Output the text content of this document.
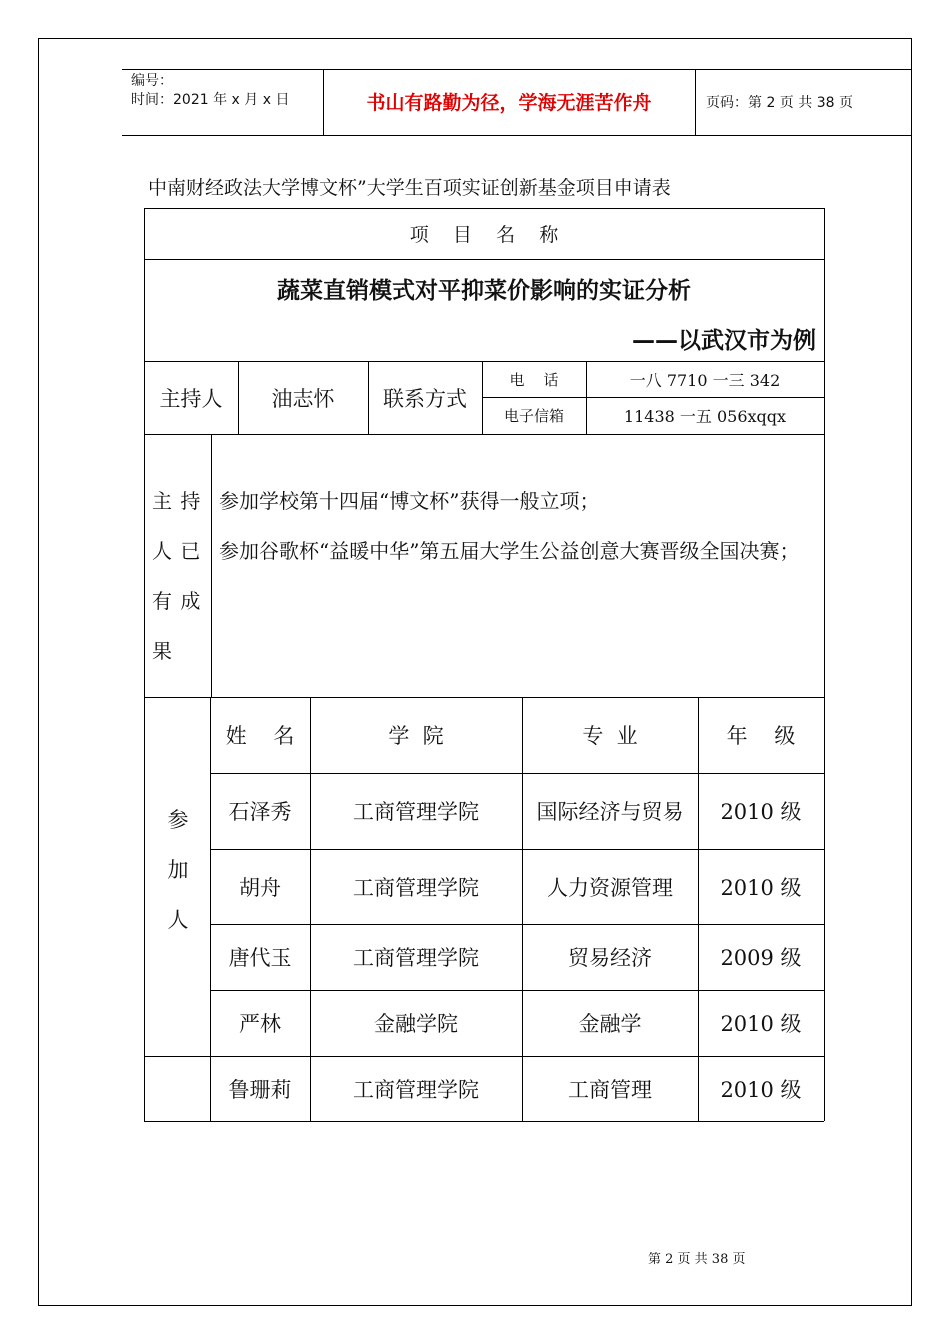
编号：
时间：2021 年 x 月 x 日	书山有路勤为径，学海无涯苦作舟	页码：第 2 页 共 38 页
中南财经政法大学博文杯”大学生百项实证创新基金项目申请表
项    目    名    称
蔬菜直销模式对平抑菜价影响的实证分析
——以武汉市为例
主持人	油志怀	联系方式
电    话	一八 7710 一三 342
电子信箱	11438 一五 056xqqx
主 持
人 已
有 成
果
参加学校第十四届“博文杯”获得一般立项；
参加谷歌杯“益暖中华”第五届大学生公益创意大赛晋级全国决赛；
参

加

人
姓    名	学  院	专  业	年    级
石泽秀	工商管理学院	国际经济与贸易	2010 级
胡舟	工商管理学院	人力资源管理	2010 级
唐代玉	工商管理学院	贸易经济	2009 级
严林	金融学院	金融学	2010 级
鲁珊莉	工商管理学院	工商管理	2010 级
第 2 页 共 38 页
